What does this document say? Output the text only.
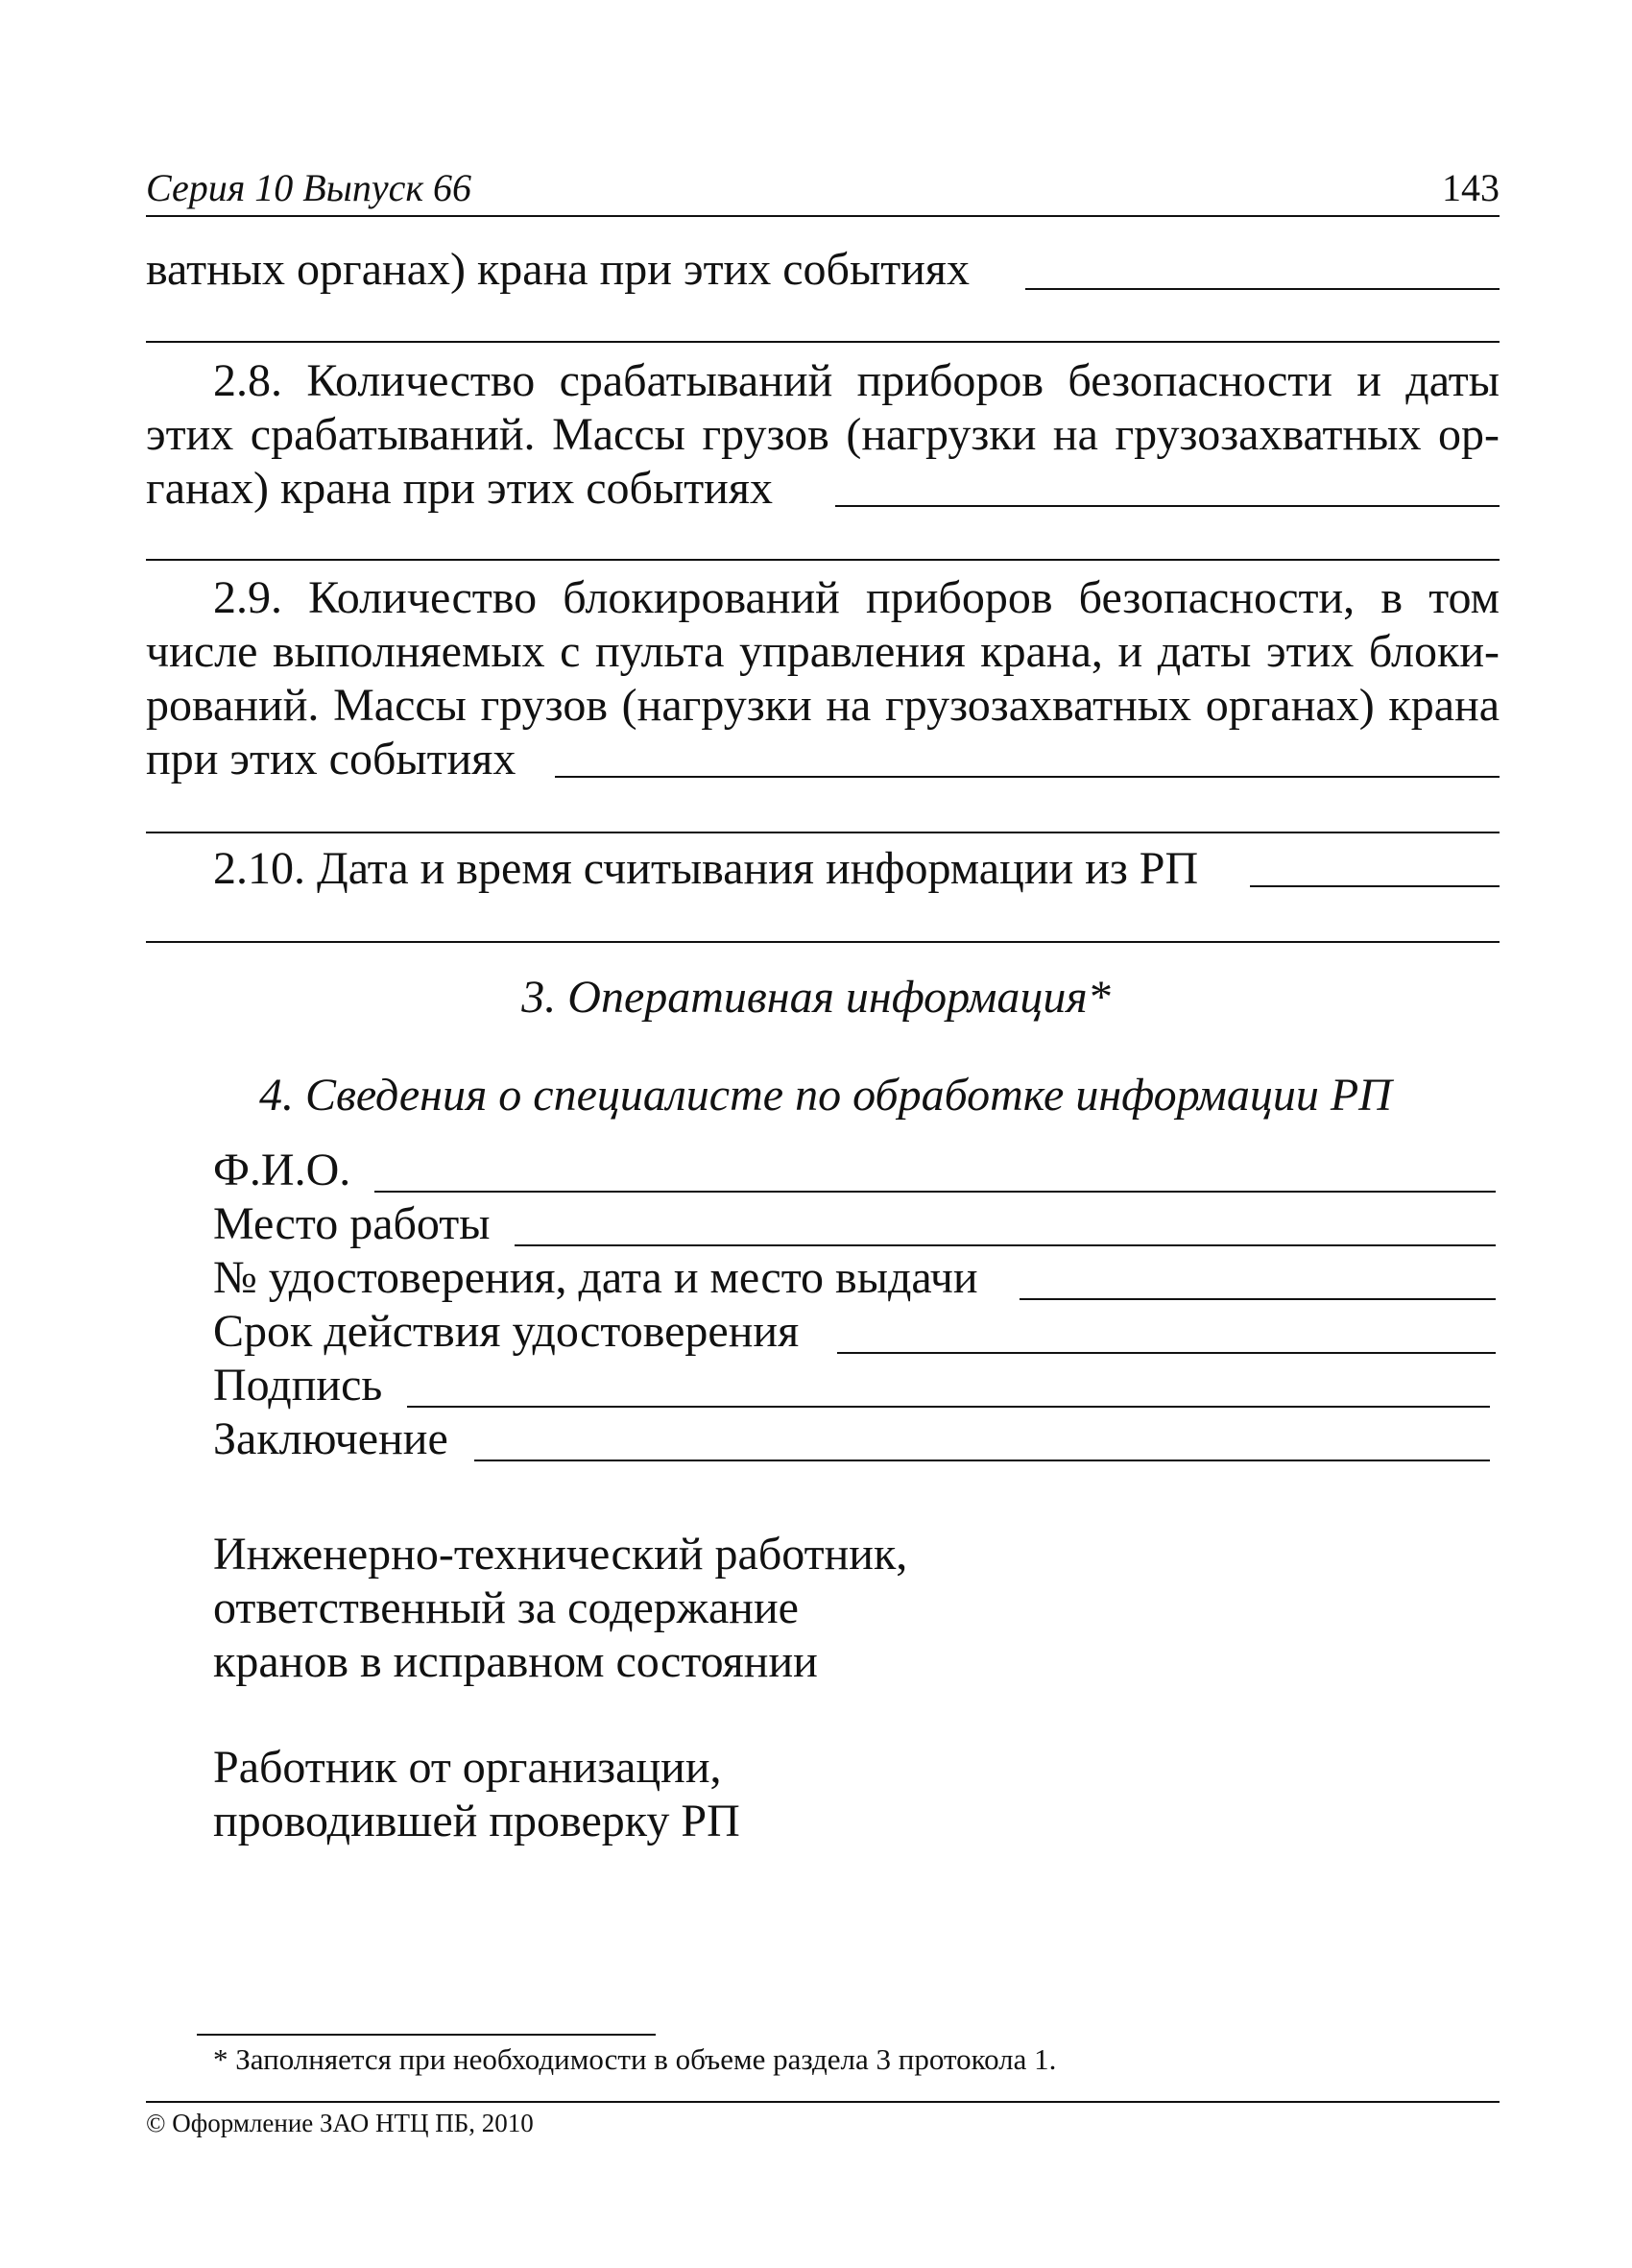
Серия 10 Выпуск 66	143
ватных органах) крана при этих событиях
2.8. Количество срабатываний приборов безопасности и даты
этих срабатываний. Массы грузов (нагрузки на грузозахватных ор-
ганах) крана при этих событиях
2.9. Количество блокирований приборов безопасности, в том
числе выполняемых с пульта управления крана, и даты этих блоки-
рований. Массы грузов (нагрузки на грузозахватных органах) крана
при этих событиях
2.10. Дата и время считывания информации из РП
3. Оперативная информация*
4. Сведения о специалисте по обработке информации РП
Ф.И.О.
Место работы
№ удостоверения, дата и место выдачи
Срок действия удостоверения
Подпись
Заключение
Инженерно-технический работник,
ответственный за содержание
кранов в исправном состоянии
Работник от организации,
проводившей проверку РП
* Заполняется при необходимости в объеме раздела 3 протокола 1.
© Оформление ЗАО НТЦ ПБ, 2010
